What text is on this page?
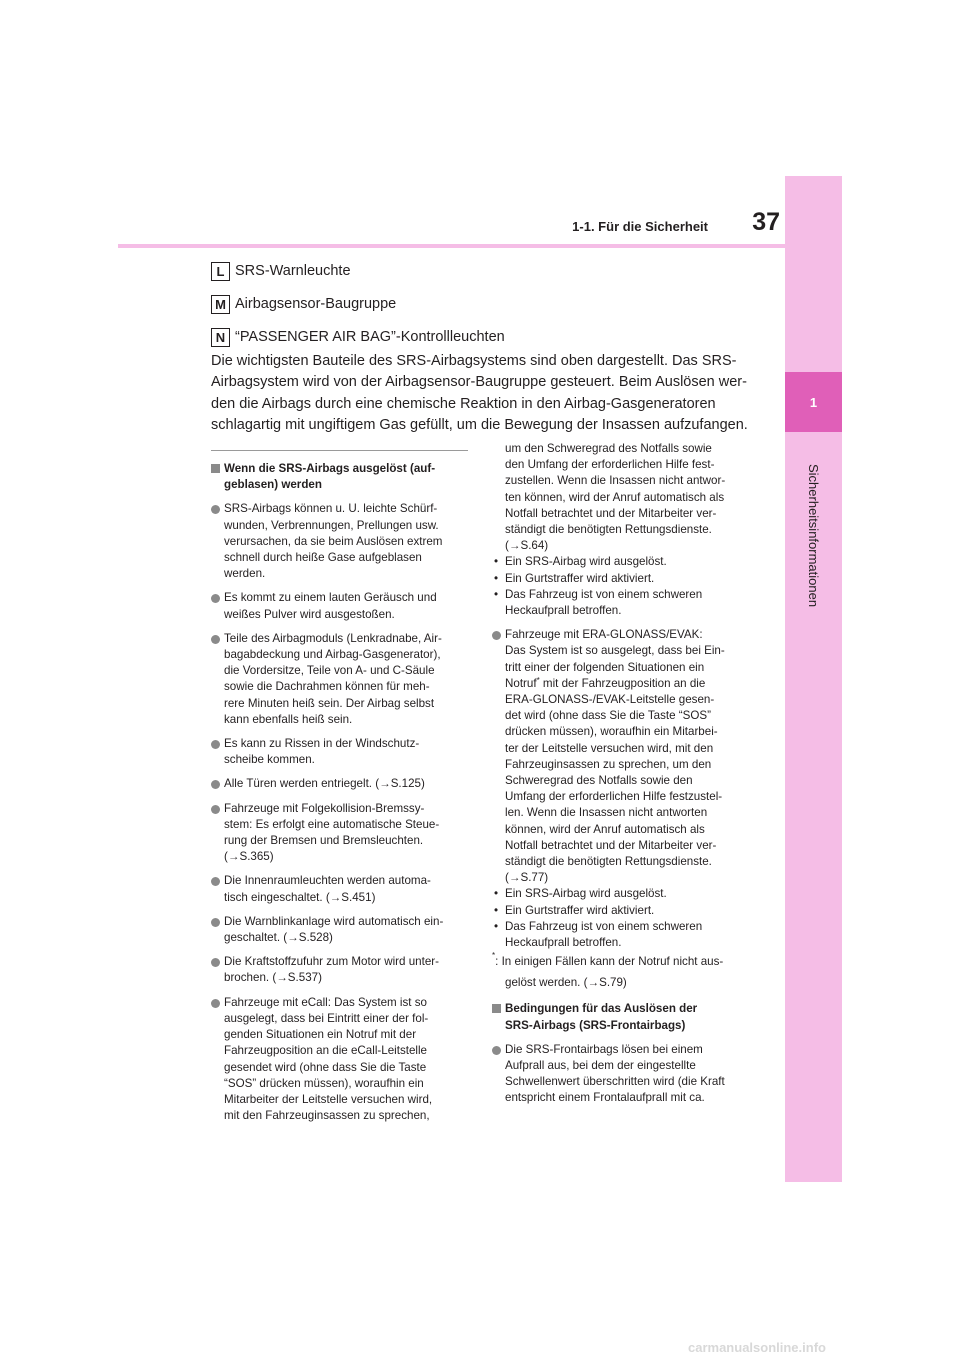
1
Sicherheitsinformationen
37
1-1. Für die Sicherheit
L SRS-Warnleuchte
M Airbagsensor-Baugruppe
N “PASSENGER AIR BAG”-Kontrollleuchten
Die wichtigsten Bauteile des SRS-Airbagsystems sind oben dargestellt. Das SRS-
Airbagsystem wird von der Airbagsensor-Baugruppe gesteuert. Beim Auslösen wer-
den die Airbags durch eine chemische Reaktion in den Airbag-Gasgeneratoren
schlagartig mit ungiftigem Gas gefüllt, um die Bewegung der Insassen aufzufangen.

Wenn die SRS-Airbags ausgelöst (auf-
geblasen) werden

SRS-Airbags können u. U. leichte Schürf-
wunden, Verbrennungen, Prellungen usw.
verursachen, da sie beim Auslösen extrem
schnell durch heiße Gase aufgeblasen
werden.

Es kommt zu einem lauten Geräusch und
weißes Pulver wird ausgestoßen.

Teile des Airbagmoduls (Lenkradnabe, Air-
bagabdeckung und Airbag-Gasgenerator),
die Vordersitze, Teile von A- und C-Säule
sowie die Dachrahmen können für meh-
rere Minuten heiß sein. Der Airbag selbst
kann ebenfalls heiß sein.

Es kann zu Rissen in der Windschutz-
scheibe kommen.

Alle Türen werden entriegelt. (→S.125)

Fahrzeuge mit Folgekollision-Bremssy-
stem: Es erfolgt eine automatische Steue-
rung der Bremsen und Bremsleuchten.
(→S.365)

Die Innenraumleuchten werden automa-
tisch eingeschaltet. (→S.451)

Die Warnblinkanlage wird automatisch ein-
geschaltet. (→S.528)

Die Kraftstoffzufuhr zum Motor wird unter-
brochen. (→S.537)

Fahrzeuge mit eCall: Das System ist so
ausgelegt, dass bei Eintritt einer der fol-
genden Situationen ein Notruf mit der
Fahrzeugposition an die eCall-Leitstelle
gesendet wird (ohne dass Sie die Taste
“SOS” drücken müssen), woraufhin ein
Mitarbeiter der Leitstelle versuchen wird,
mit den Fahrzeuginsassen zu sprechen,

um den Schweregrad des Notfalls sowie
den Umfang der erforderlichen Hilfe fest-
zustellen. Wenn die Insassen nicht antwor-
ten können, wird der Anruf automatisch als
Notfall betrachtet und der Mitarbeiter ver-
ständigt die benötigten Rettungsdienste.
(→S.64)

• Ein SRS-Airbag wird ausgelöst.

• Ein Gurtstraffer wird aktiviert.

• Das Fahrzeug ist von einem schweren
Heckaufprall betroffen.

Fahrzeuge mit ERA-GLONASS/EVAK:
Das System ist so ausgelegt, dass bei Ein-
tritt einer der folgenden Situationen ein
Notruf* mit der Fahrzeugposition an die
ERA-GLONASS-/EVAK-Leitstelle gesen-
det wird (ohne dass Sie die Taste “SOS”
drücken müssen), woraufhin ein Mitarbei-
ter der Leitstelle versuchen wird, mit den
Fahrzeuginsassen zu sprechen, um den
Schweregrad des Notfalls sowie den
Umfang der erforderlichen Hilfe festzustel-
len. Wenn die Insassen nicht antworten
können, wird der Anruf automatisch als
Notfall betrachtet und der Mitarbeiter ver-
ständigt die benötigten Rettungsdienste.
(→S.77)

• Ein SRS-Airbag wird ausgelöst.

• Ein Gurtstraffer wird aktiviert.

• Das Fahrzeug ist von einem schweren
Heckaufprall betroffen.

*: In einigen Fällen kann der Notruf nicht aus-
gelöst werden. (→S.79)

Bedingungen für das Auslösen der
SRS-Airbags (SRS-Frontairbags)

Die SRS-Frontairbags lösen bei einem
Aufprall aus, bei dem der eingestellte
Schwellenwert überschritten wird (die Kraft
entspricht einem Frontalaufprall mit ca.

carmanualsonline.info
